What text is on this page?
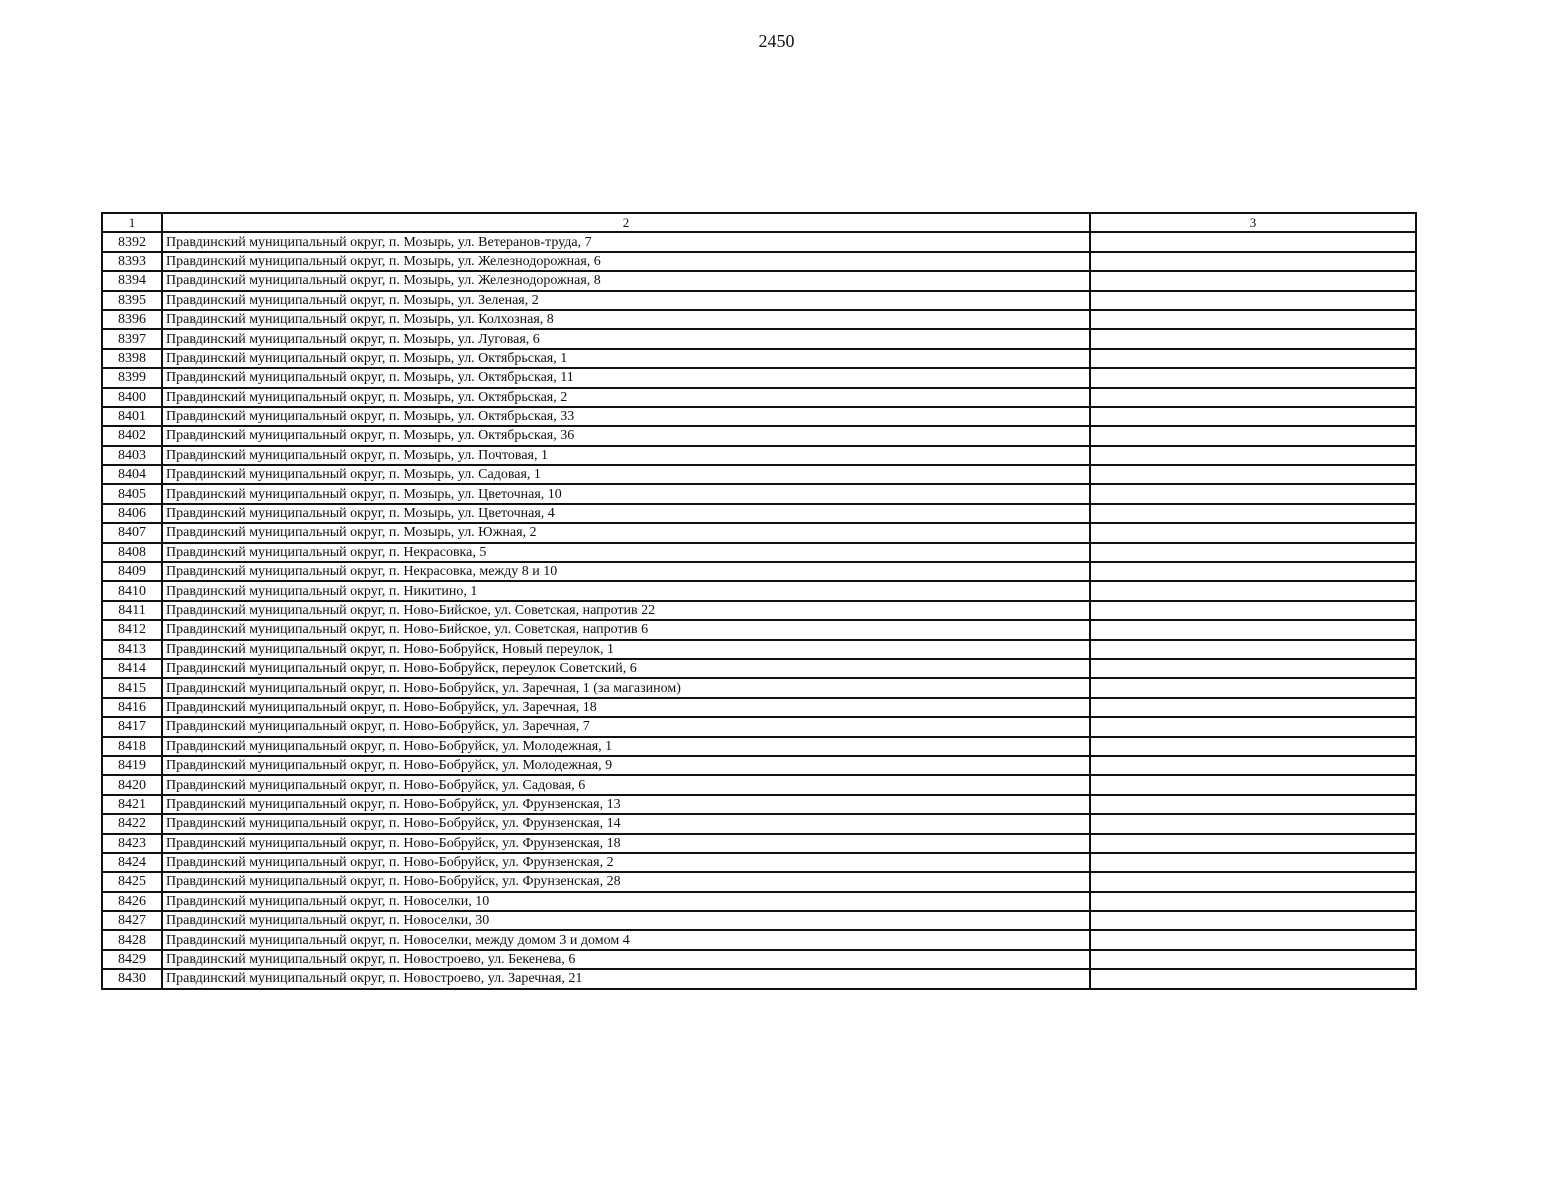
2450
1	2	3
8392	Правдинский муниципальный округ, п. Мозырь, ул. Ветеранов-труда, 7	
8393	Правдинский муниципальный округ, п. Мозырь, ул. Железнодорожная, 6	
8394	Правдинский муниципальный округ, п. Мозырь, ул. Железнодорожная, 8	
8395	Правдинский муниципальный округ, п. Мозырь, ул. Зеленая, 2	
8396	Правдинский муниципальный округ, п. Мозырь, ул. Колхозная, 8	
8397	Правдинский муниципальный округ, п. Мозырь, ул. Луговая, 6	
8398	Правдинский муниципальный округ, п. Мозырь, ул. Октябрьская, 1	
8399	Правдинский муниципальный округ, п. Мозырь, ул. Октябрьская, 11	
8400	Правдинский муниципальный округ, п. Мозырь, ул. Октябрьская, 2	
8401	Правдинский муниципальный округ, п. Мозырь, ул. Октябрьская, 33	
8402	Правдинский муниципальный округ, п. Мозырь, ул. Октябрьская, 36	
8403	Правдинский муниципальный округ, п. Мозырь, ул. Почтовая, 1	
8404	Правдинский муниципальный округ, п. Мозырь, ул. Садовая, 1	
8405	Правдинский муниципальный округ, п. Мозырь, ул. Цветочная, 10	
8406	Правдинский муниципальный округ, п. Мозырь, ул. Цветочная, 4	
8407	Правдинский муниципальный округ, п. Мозырь, ул. Южная, 2	
8408	Правдинский муниципальный округ, п. Некрасовка, 5	
8409	Правдинский муниципальный округ, п. Некрасовка, между 8 и 10	
8410	Правдинский муниципальный округ, п. Никитино, 1	
8411	Правдинский муниципальный округ, п. Ново-Бийское, ул. Советская, напротив 22	
8412	Правдинский муниципальный округ, п. Ново-Бийское, ул. Советская, напротив 6	
8413	Правдинский муниципальный округ, п. Ново-Бобруйск, Новый переулок, 1	
8414	Правдинский муниципальный округ, п. Ново-Бобруйск, переулок Советский, 6	
8415	Правдинский муниципальный округ, п. Ново-Бобруйск, ул. Заречная, 1 (за магазином)	
8416	Правдинский муниципальный округ, п. Ново-Бобруйск, ул. Заречная, 18	
8417	Правдинский муниципальный округ, п. Ново-Бобруйск, ул. Заречная, 7	
8418	Правдинский муниципальный округ, п. Ново-Бобруйск, ул. Молодежная, 1	
8419	Правдинский муниципальный округ, п. Ново-Бобруйск, ул. Молодежная, 9	
8420	Правдинский муниципальный округ, п. Ново-Бобруйск, ул. Садовая, 6	
8421	Правдинский муниципальный округ, п. Ново-Бобруйск, ул. Фрунзенская, 13	
8422	Правдинский муниципальный округ, п. Ново-Бобруйск, ул. Фрунзенская, 14	
8423	Правдинский муниципальный округ, п. Ново-Бобруйск, ул. Фрунзенская, 18	
8424	Правдинский муниципальный округ, п. Ново-Бобруйск, ул. Фрунзенская, 2	
8425	Правдинский муниципальный округ, п. Ново-Бобруйск, ул. Фрунзенская, 28	
8426	Правдинский муниципальный округ, п. Новоселки, 10	
8427	Правдинский муниципальный округ, п. Новоселки, 30	
8428	Правдинский муниципальный округ, п. Новоселки, между домом 3 и домом 4	
8429	Правдинский муниципальный округ, п. Новостроево, ул. Бекенева, 6	
8430	Правдинский муниципальный округ, п. Новостроево, ул. Заречная, 21	
